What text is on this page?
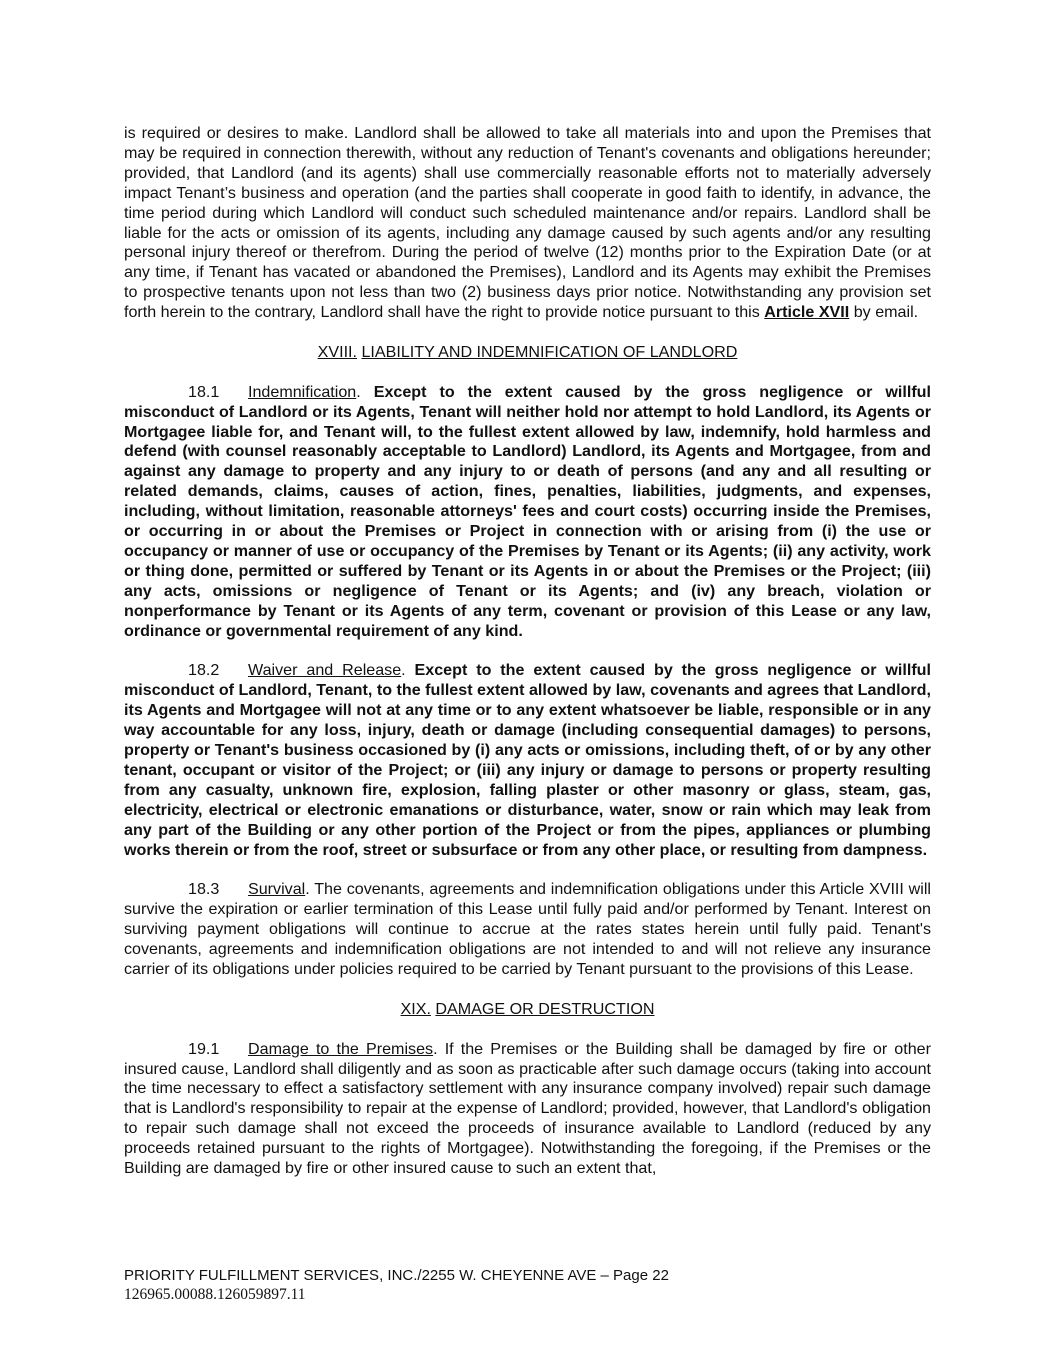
is required or desires to make. Landlord shall be allowed to take all materials into and upon the Premises that may be required in connection therewith, without any reduction of Tenant's covenants and obligations hereunder; provided, that Landlord (and its agents) shall use commercially reasonable efforts not to materially adversely impact Tenant’s business and operation (and the parties shall cooperate in good faith to identify, in advance, the time period during which Landlord will conduct such scheduled maintenance and/or repairs. Landlord shall be liable for the acts or omission of its agents, including any damage caused by such agents and/or any resulting personal injury thereof or therefrom. During the period of twelve (12) months prior to the Expiration Date (or at any time, if Tenant has vacated or abandoned the Premises), Landlord and its Agents may exhibit the Premises to prospective tenants upon not less than two (2) business days prior notice. Notwithstanding any provision set forth herein to the contrary, Landlord shall have the right to provide notice pursuant to this Article XVII by email.

XVIII. LIABILITY AND INDEMNIFICATION OF LANDLORD

18.1 Indemnification. Except to the extent caused by the gross negligence or willful misconduct of Landlord or its Agents, Tenant will neither hold nor attempt to hold Landlord, its Agents or Mortgagee liable for, and Tenant will, to the fullest extent allowed by law, indemnify, hold harmless and defend (with counsel reasonably acceptable to Landlord) Landlord, its Agents and Mortgagee, from and against any damage to property and any injury to or death of persons (and any and all resulting or related demands, claims, causes of action, fines, penalties, liabilities, judgments, and expenses, including, without limitation, reasonable attorneys' fees and court costs) occurring inside the Premises, or occurring in or about the Premises or Project in connection with or arising from (i) the use or occupancy or manner of use or occupancy of the Premises by Tenant or its Agents; (ii) any activity, work or thing done, permitted or suffered by Tenant or its Agents in or about the Premises or the Project; (iii) any acts, omissions or negligence of Tenant or its Agents; and (iv) any breach, violation or nonperformance by Tenant or its Agents of any term, covenant or provision of this Lease or any law, ordinance or governmental requirement of any kind.

18.2 Waiver and Release. Except to the extent caused by the gross negligence or willful misconduct of Landlord, Tenant, to the fullest extent allowed by law, covenants and agrees that Landlord, its Agents and Mortgagee will not at any time or to any extent whatsoever be liable, responsible or in any way accountable for any loss, injury, death or damage (including consequential damages) to persons, property or Tenant's business occasioned by (i) any acts or omissions, including theft, of or by any other tenant, occupant or visitor of the Project; or (iii) any injury or damage to persons or property resulting from any casualty, unknown fire, explosion, falling plaster or other masonry or glass, steam, gas, electricity, electrical or electronic emanations or disturbance, water, snow or rain which may leak from any part of the Building or any other portion of the Project or from the pipes, appliances or plumbing works therein or from the roof, street or subsurface or from any other place, or resulting from dampness.

18.3 Survival. The covenants, agreements and indemnification obligations under this Article XVIII will survive the expiration or earlier termination of this Lease until fully paid and/or performed by Tenant. Interest on surviving payment obligations will continue to accrue at the rates states herein until fully paid. Tenant's covenants, agreements and indemnification obligations are not intended to and will not relieve any insurance carrier of its obligations under policies required to be carried by Tenant pursuant to the provisions of this Lease.

XIX. DAMAGE OR DESTRUCTION

19.1 Damage to the Premises. If the Premises or the Building shall be damaged by fire or other insured cause, Landlord shall diligently and as soon as practicable after such damage occurs (taking into account the time necessary to effect a satisfactory settlement with any insurance company involved) repair such damage that is Landlord's responsibility to repair at the expense of Landlord; provided, however, that Landlord's obligation to repair such damage shall not exceed the proceeds of insurance available to Landlord (reduced by any proceeds retained pursuant to the rights of Mortgagee). Notwithstanding the foregoing, if the Premises or the Building are damaged by fire or other insured cause to such an extent that,

PRIORITY FULFILLMENT SERVICES, INC./2255 W. CHEYENNE AVE – Page 22
126965.00088.126059897.11
